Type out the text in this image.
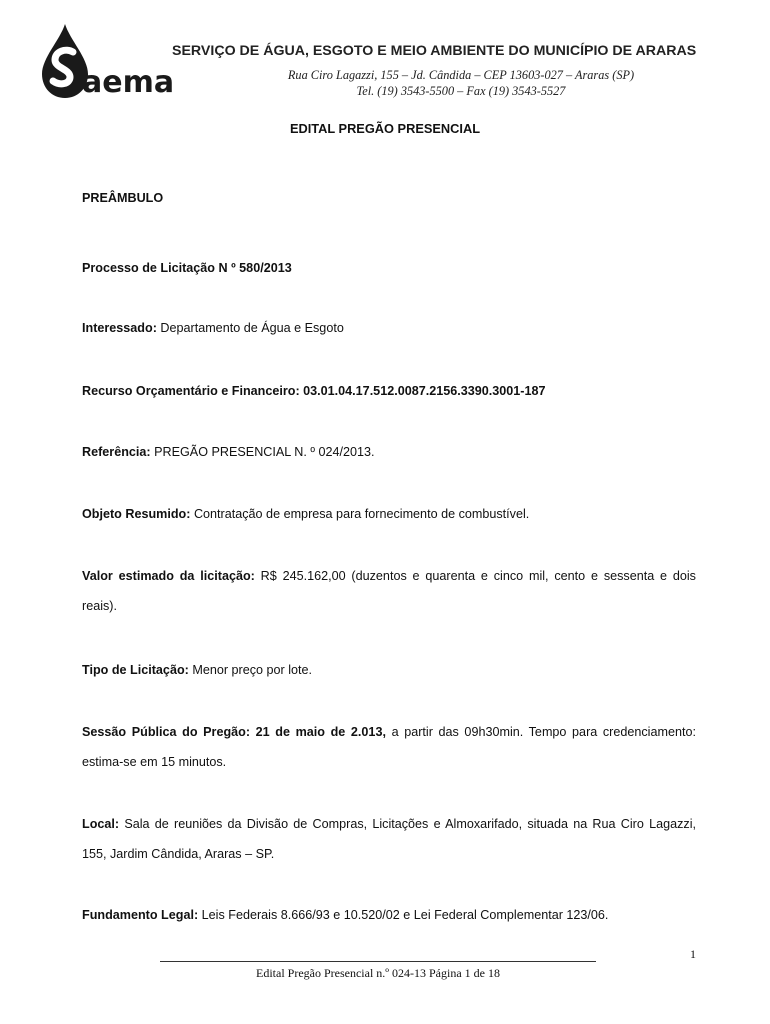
aema
SERVIÇO DE ÁGUA, ESGOTO E MEIO AMBIENTE DO MUNICÍPIO DE ARARAS
Rua Ciro Lagazzi, 155 – Jd. Cândida – CEP 13603-027 – Araras (SP)
Tel. (19) 3543-5500 – Fax (19) 3543-5527
EDITAL PREGÃO PRESENCIAL

PREÂMBULO

Processo de Licitação N º 580/2013

Interessado: Departamento de Água e Esgoto

Recurso Orçamentário e Financeiro: 03.01.04.17.512.0087.2156.3390.3001-187

Referência: PREGÃO PRESENCIAL N. º 024/2013.

Objeto Resumido: Contratação de empresa para fornecimento de combustível.

Valor estimado da licitação: R$ 245.162,00 (duzentos e quarenta e cinco mil, cento e sessenta e dois reais).

Tipo de Licitação: Menor preço por lote.

Sessão Pública do Pregão: 21 de maio de 2.013, a partir das 09h30min. Tempo para credenciamento: estima-se em 15 minutos.

Local: Sala de reuniões da Divisão de Compras, Licitações e Almoxarifado, situada na Rua Ciro Lagazzi, 155, Jardim Cândida, Araras – SP.

Fundamento Legal: Leis Federais 8.666/93 e 10.520/02 e Lei Federal Complementar 123/06.

1
Edital Pregão Presencial n.º 024-13 Página 1 de 18
